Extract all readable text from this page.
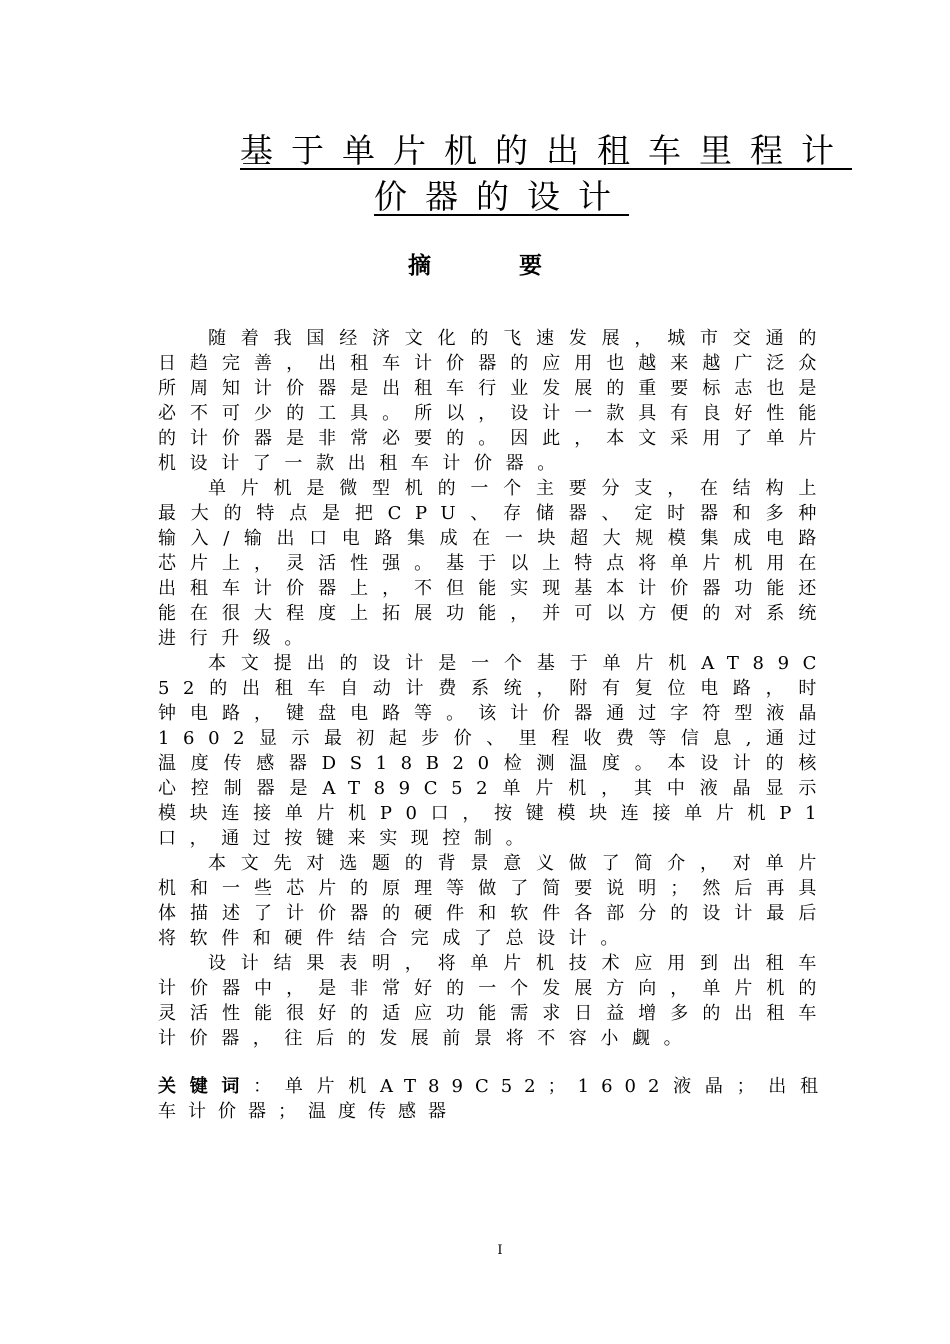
基于单片机的出租车里程计
价器的设计
摘 要

随着我国经济文化的飞速发展，城市交通的日趋完善，出租车计价器的应用也越来越广泛众所周知计价器是出租车行业发展的重要标志也是必不可少的工具。所以，设计一款具有良好性能的计价器是非常必要的。因此，本文采用了单片机设计了一款出租车计价器。

单片机是微型机的一个主要分支，在结构上最大的特点是把CPU、存储器、定时器和多种输入/输出口电路集成在一块超大规模集成电路芯片上，灵活性强。基于以上特点将单片机用在出租车计价器上，不但能实现基本计价器功能还能在很大程度上拓展功能，并可以方便的对系统进行升级。

本文提出的设计是一个基于单片机AT89C52的出租车自动计费系统，附有复位电路，时钟电路，键盘电路等。该计价器通过字符型液晶1602显示最初起步价、里程收费等信息,通过温度传感器DS18B20检测温度。本设计的核心控制器是AT89C52单片机，其中液晶显示模块连接单片机P0口，按键模块连接单片机P1口，通过按键来实现控制。

本文先对选题的背景意义做了简介，对单片机和一些芯片的原理等做了简要说明；然后再具体描述了计价器的硬件和软件各部分的设计最后将软件和硬件结合完成了总设计。

设计结果表明，将单片机技术应用到出租车计价器中，是非常好的一个发展方向，单片机的灵活性能很好的适应功能需求日益增多的出租车计价器，往后的发展前景将不容小觑。

关键词：单片机AT89C52；1602液晶；出租车计价器；温度传感器
I
